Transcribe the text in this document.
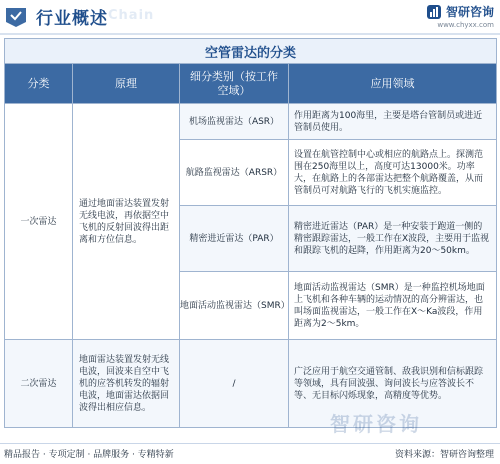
行业概述 Chain	智研咨询
www.chyxx.com
空管雷达的分类			
分类	原理	细分类别（按工作空域）	应用领域
一次雷达	通过地面雷达装置发射无线电波，再依据空中飞机的反射回波得出距离和方位信息。	机场监视雷达（ASR）	作用距离为100海里，主要是塔台管制员或进近管制员使用。
		航路监视雷达（ARSR）	设置在航管控制中心或相应的航路点上。探测范围在250海里以上，高度可达13000米。功率大，在航路上的各部雷达把整个航路覆盖，从而管制员可对航路飞行的飞机实施监控。
		精密进近雷达（PAR）	精密进近雷达（PAR）是一种安装于跑道一侧的精密跟踪雷达，一般工作在X波段，主要用于监视和跟踪飞机的起降，作用距离为20～50km。
		地面活动监视雷达（SMR）	地面活动监视雷达（SMR）是一种监控机场地面上飞机和各种车辆的运动情况的高分辨雷达，也叫场面监视雷达，一般工作在X～Ka波段，作用距离为2～5km。
二次雷达	地面雷达装置发射无线电波，回波来自空中飞机的应答机转发的辐射电波，地面雷达依据回波得出相应信息。	/	广泛应用于航空交通管制、敌我识别和信标跟踪等领域，具有回波强、询问波长与应答波长不等、无目标闪烁现象，高精度等优势。
智研咨询
精品报告 · 专项定制 · 品牌服务 · 专精特新	资料来源：智研咨询整理
